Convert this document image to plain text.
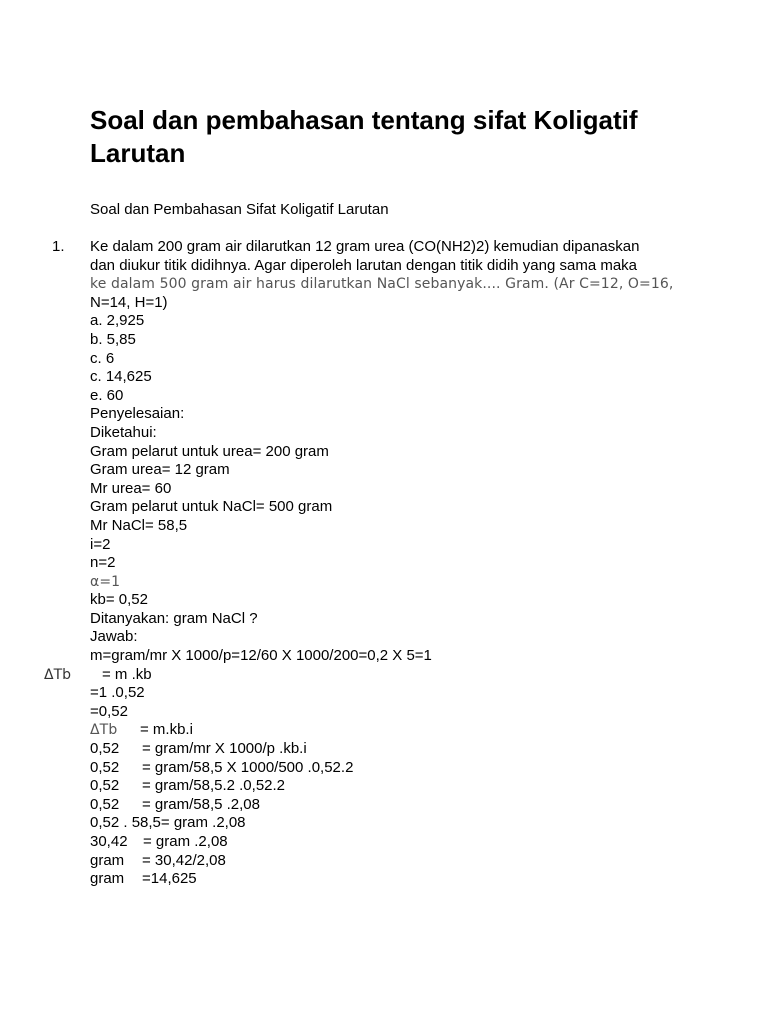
Soal dan pembahasan tentang sifat Koligatif Larutan
Soal dan Pembahasan Sifat Koligatif Larutan
1. Ke dalam 200 gram air dilarutkan 12 gram urea (CO(NH2)2) kemudian dipanaskan
dan diukur titik didihnya. Agar diperoleh larutan dengan titik didih yang sama maka
ke dalam 500 gram air harus dilarutkan NaCl sebanyak.... Gram. (Ar C=12, O=16,
N=14, H=1)
a. 2,925
b. 5,85
c. 6
c. 14,625
e. 60
Penyelesaian:
Diketahui:
Gram pelarut untuk urea= 200 gram
Gram urea= 12 gram
Mr urea= 60
Gram pelarut untuk NaCl= 500 gram
Mr NaCl= 58,5
i=2
n=2
α=1
kb= 0,52
Ditanyakan: gram NaCl ?
Jawab:
m=gram/mr X 1000/p=12/60 X 1000/200=0,2 X 5=1
ΔTb = m .kb
=1 .0,52
=0,52
ΔTb = m.kb.i
0,52 = gram/mr X 1000/p .kb.i
0,52 = gram/58,5 X 1000/500 .0,52.2
0,52 = gram/58,5.2 .0,52.2
0,52 = gram/58,5 .2,08
0,52 . 58,5= gram .2,08
30,42 = gram .2,08
gram = 30,42/2,08
gram =14,625
